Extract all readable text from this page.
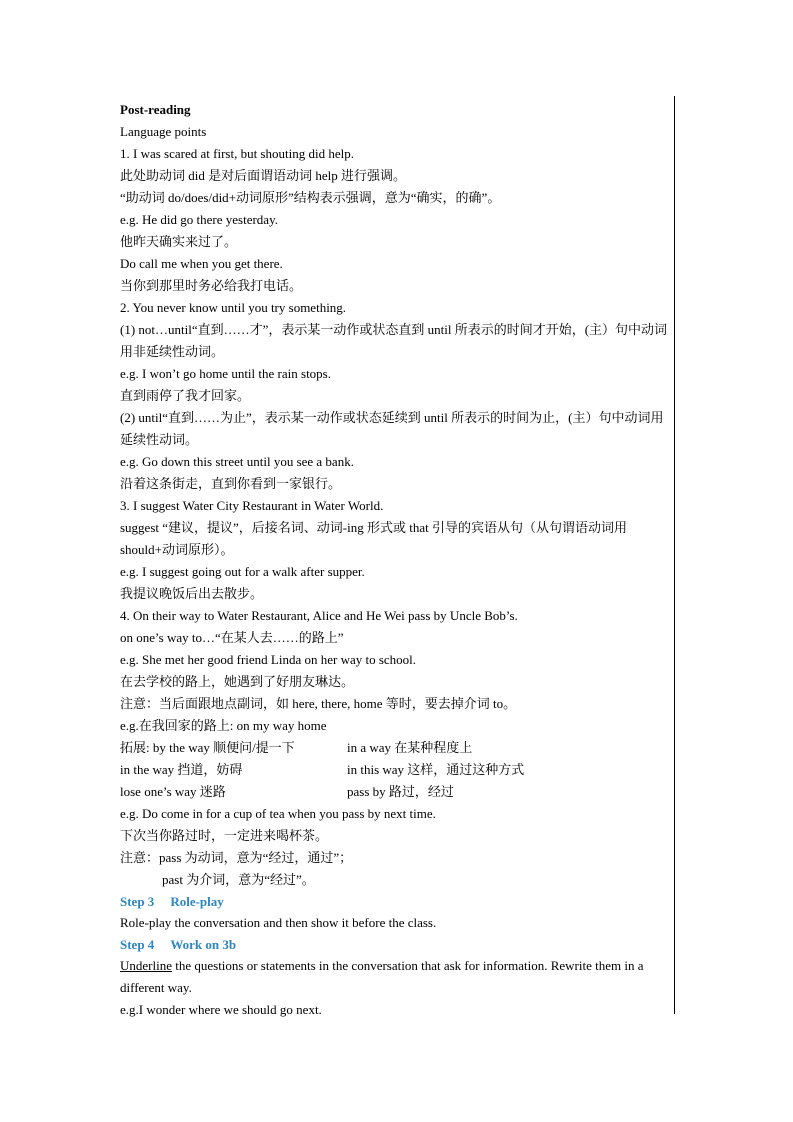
Post-reading
Language points
1. I was scared at first, but shouting did help.
此处助动词 did 是对后面谓语动词 help 进行强调。
“助动词 do/does/did+动词原形”结构表示强调，意为“确实，的确”。
e.g. He did go there yesterday.
他昨天确实来过了。
Do call me when you get there.
当你到那里时务必给我打电话。
2. You never know until you try something.
(1) not…until“直到……才”，表示某一动作或状态直到 until 所表示的时间才开始，(主）句中动词用非延续性动词。
e.g. I won’t go home until the rain stops.
直到雨停了我才回家。
(2) until“直到……为止”，表示某一动作或状态延续到 until 所表示的时间为止，(主）句中动词用延续性动词。
e.g. Go down this street until you see a bank.
沿着这条街走，直到你看到一家银行。
3. I suggest Water City Restaurant in Water World.
suggest “建议，提议”，后接名词、动词-ing 形式或 that 引导的宾语从句（从句谓语动词用 should+动词原形）。
e.g. I suggest going out for a walk after supper.
我提议晚饭后出去散步。
4. On their way to Water Restaurant, Alice and He Wei pass by Uncle Bob’s.
on one’s way to…“在某人去……的路上”
e.g. She met her good friend Linda on her way to school.
在去学校的路上，她遇到了好朋友琳达。
注意：当后面跟地点副词，如 here, there, home 等时，要去掉介词 to。
e.g.在我回家的路上: on my way home
拓展: by the way 顺便问/提一下	in a way 在某种程度上
in the way 挡道，妨碍	in this way 这样，通过这种方式
lose one’s way 迷路	pass by 路过，经过
e.g. Do come in for a cup of tea when you pass by next time.
下次当你路过时，一定进来喝杯茶。
注意：pass 为动词，意为“经过，通过”；
past 为介词，意为“经过”。
Step 3 Role-play
Role-play the conversation and then show it before the class.
Step 4 Work on 3b
Underline the questions or statements in the conversation that ask for information. Rewrite them in a different way.
e.g.I wonder where we should go next.
